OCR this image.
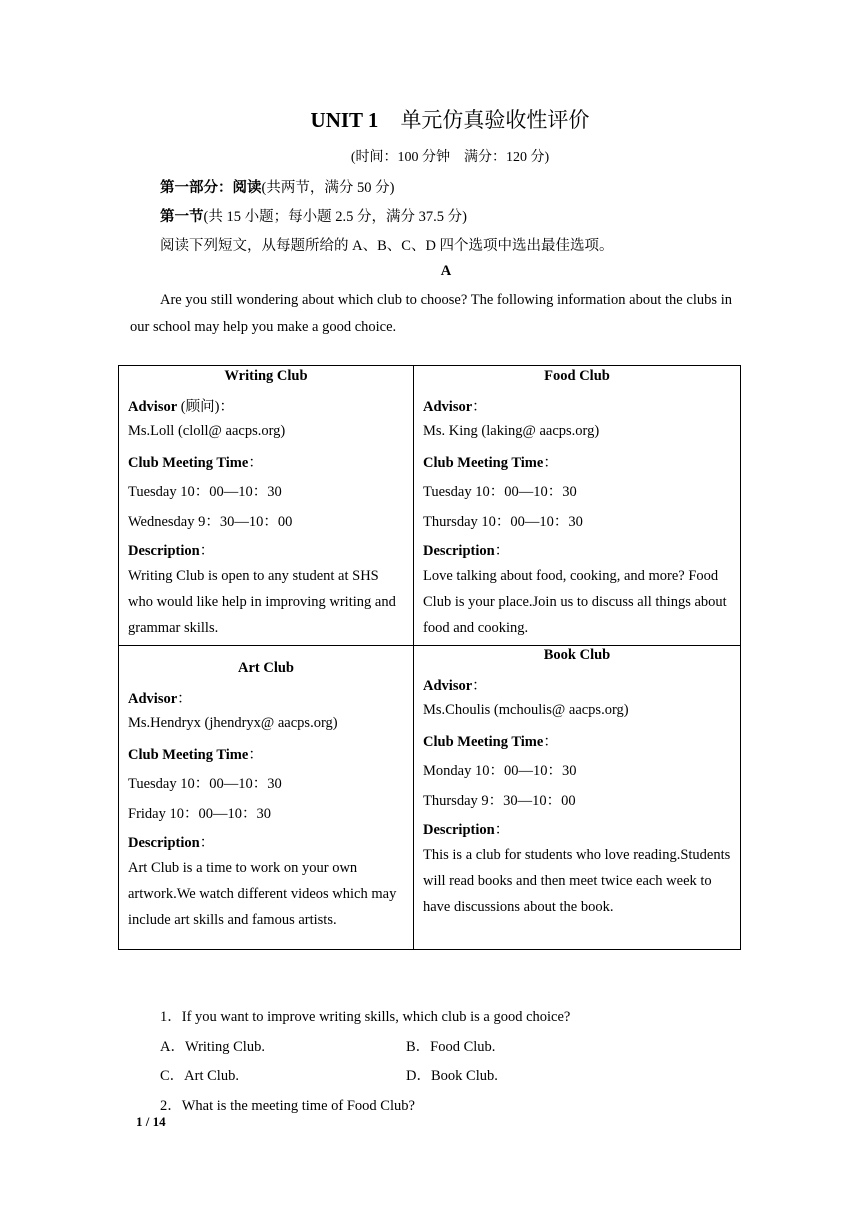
UNIT 1 单元仿真验收性评价
(时间：100 分钟　满分：120 分)
第一部分：阅读(共两节，满分 50 分)
第一节(共 15 小题；每小题 2.5 分，满分 37.5 分)
阅读下列短文，从每题所给的 A、B、C、D 四个选项中选出最佳选项。
A
Are you still wondering about which club to choose? The following information about the clubs in our school may help you make a good choice.
Writing Club
Advisor (顾问)：
Ms.Loll (cloll@ aacps.org)
Club Meeting Time：
Tuesday 10：00—10：30
Wednesday 9：30—10：00
Description：
Writing Club is open to any student at SHS who would like help in improving writing and grammar skills.
Food Club
Advisor：
Ms. King (laking@ aacps.org)
Club Meeting Time：
Tuesday 10：00—10：30
Thursday 10：00—10：30
Description：
Love talking about food, cooking, and more? Food Club is your place.Join us to discuss all things about food and cooking.
Art Club
Advisor：
Ms.Hendryx (jhendryx@ aacps.org)
Club Meeting Time：
Tuesday 10：00—10：30
Friday 10：00—10：30
Description：
Art Club is a time to work on your own artwork.We watch different videos which may include art skills and famous artists.
Book Club
Advisor：
Ms.Choulis (mchoulis@ aacps.org)
Club Meeting Time：
Monday 10：00—10：30
Thursday 9：30—10：00
Description：
This is a club for students who love reading.Students will read books and then meet twice each week to have discussions about the book.
1．If you want to improve writing skills, which club is a good choice?
A．Writing Club.	B．Food Club.
C．Art Club.	D．Book Club.
2．What is the meeting time of Food Club?
1 / 14
